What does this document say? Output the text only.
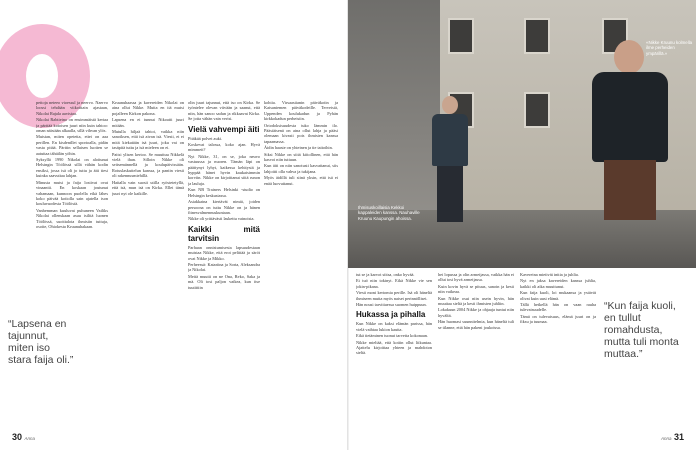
pettoja neteeo vioessul ja neervo. Naervo loossi tehdään viikoittain ajastaan, Nikolai Rajala aavistaa.

Nikolai Rabtieino on ensimmäistä kertaa ja pärttää kotoisen juuri niin kuin tahtoo: oman näistään alkaalla, sillä vihvan ylös.

Muistan, miten opetetta, ettei on aaa perillen. En kisdentllet sportoalla, pidän vasta pitää. Pärttin sellaisen luotten se aatuttaa tähtälän yöhin.

Syksyllä 1990 Nikolai on aloitunut Helsingin Töölössä sillä vähän kodin ensiksi, jossa isä oli jo tuttu ja äiti tiesi kuinka saavuttaa lahjan.

Minusta mutsi ja faija lostivat ovat vinaantti. En koskaan joutunut vahamaan, kunnoon puolella eikä lähes koko päivää kotiolla sain ajatella ison kouluvuodesta Töölöstä.

Vanhemman kuuluvat puhuneen Vailiks Nikolai ollenskaan asuu isilitä luonen Töölössä, suoittalota ihmisiin tuttuja, osoite, Ohiokesta Kruunuhakaan.

“Lapsena en tajunnut, miten iso stara faija oli.”

Kruunuhaassa ja kavereiden Nikolai on aina ollut Nikke. Mutta en itä mutsi pojalleen Kirkon pakona.

Lapsena en ei tunnut Nikoatti juuri mitään.

Mutulla hiljaä tahtoi, vaikka niin sanoiksen, että isä aivan isä. Viesti, et ei mitä kiekatään isä juuri, joku vai on tasäpitä tuttu ja isä mieleen on ei.

Paitsi ylisen kertoo. Se muuttuu Nikkelä vielä ihan. Silloin Nikke oli seitsemännellä ja koulupäivissään. Rotuslaskuttelun kanssa, ja pantin viesti oli rakennusmiehillä.

Haitalla vain suosii utilla ryöstetetyllä, että isä, mun isä on Kirka. Ellei tämä juuri nyt ole kaikille.

olin juuri tajunnut, että iso on Kirka. Se työntelee olevan viivään ja saanut, että niin, hän sanoo sadun ja rikkaavat Kirka. Se jotta vähän vain verisi.

Vielä vahvempi äiti

Pitäkää polvet auki.

Koskevat talossa, koko ajan. Hyvä mimmeit?

Nyt Nikke, 31, on se, joka neuvo vastuussa ja nuoren. Tämän läpi on päättynyt lyhyt, kaikessa kehitystä ja hyppää hänet hyvin kaukaisimmin korviin. Nikke on kirjoittanut siitä runon ja lauluja.

Kun NB Trainers Helsinki -studio on Helsingin keskustassa.

Asiakkaina kiertävät nimiä, joiden persoona on tuttu Nikke on ja hänen fitnesvalmennuskuntaan.

Nikke oli yrittävästi laskettu vainoista.

Kaikki mitä tarvitsin

Parhaan onnistumisesta lapsuudestaan muistaa Nikke, että erot pelittää ja säröt ovat Nikke ja Mikko.

Perheessä: Katariina ja Sorta, Aleksandra ja Nikolai.

Meitä muutti on ne Ona, Reko, Saka ja mä. Oli tosi paljon vaikea, kun itse tuutittiin

kohtia. Virsaastianin päiväkotin ja Kaisaniemen päiväkodeille. Terveisiä, Uppenden koulukadun ja Pyhän kirkkokadun perheisiin.

Ortodoksisuudesta tuko lämmin ilo. Pääsiäisenä on aina ollut lahja ja pääsi olemaan kivasti pois ihmisten kanssa tapaamassa.

Äidin haaste on yhteinen ja tie taitoihin.

Siksi Nikke on siitä kiitollinen, että hän kasvoi niin tuttuun.

Kun äiti on niin sanotusti kasvattanut, siis lahjoitti olla vahva ja tukijana.

Myös äidillä tuli siinä yksin, että isä ei enää luovuttanut.

30 Anna
Ihmisuskoillaisia Kekkoi kappaleiden kanssa. Nauhaville Kruunu Kaupungin ahoissa.
«Nikke Kruunu kolmella ilme perheiden ympärillä.»

tut se ja karvot siitsa, onko hyvää.

Et tuö niin tokinyt. Eikä Nikke vie sen jokin-pikana.

Viesti moni kertomia perille. Isä oli häneltä ihmiseen mutta myös naiset perinnölliset.

Hän nousi tarvittaessa suomen huippuun.

Hukassa ja pihalla

Kun Nikke on kaksi elämän parissa, hän vielä vaihtaa lukion kautta.

Eikä tietäminen tuonut tarvetta kokonaan.

Nikke mieltää, että kotiin ollut liikuntaa. Ajattelu kirjoittaa yhteen ja mahdoton sieltä.

hei lopussa ja olin armeijassa, vaikka hän ei ollut tosi hyvä armeijassa.

Kuin kovin hyvä se pituus, sanoin ja kesti niin vaikeaa.

Kun Nikke osui niin usein hyvin, hän muuttaa sieltä ja kesti ihmisten juhliin.

Lokakuun 2004 Nikke ja ohjaaja tuntui niin hyvältä.

Hän huomasi suunnitelmia, kun häneltä tuli se tilanne, että hän pakeni joukoissa.

Kavereina mietivät inttia ja juhlia.

Nyt en jaksa kavereiden kanssa juhlia, kaikki oli aika muuttunut.

Kun faija kuoli, loi mukaansa ja ystävät olivat kuin uusi elämä.

Tällä hetkellä hän on vaan rauha tulevaisuudelle.

Tämä on tulevaisuus, elämä juuri on ja fiksu ja tuumaa.

“Kun faija kuoli, en tullut romahdusta, mutta tuli monta muttaa.”
Anna 31
